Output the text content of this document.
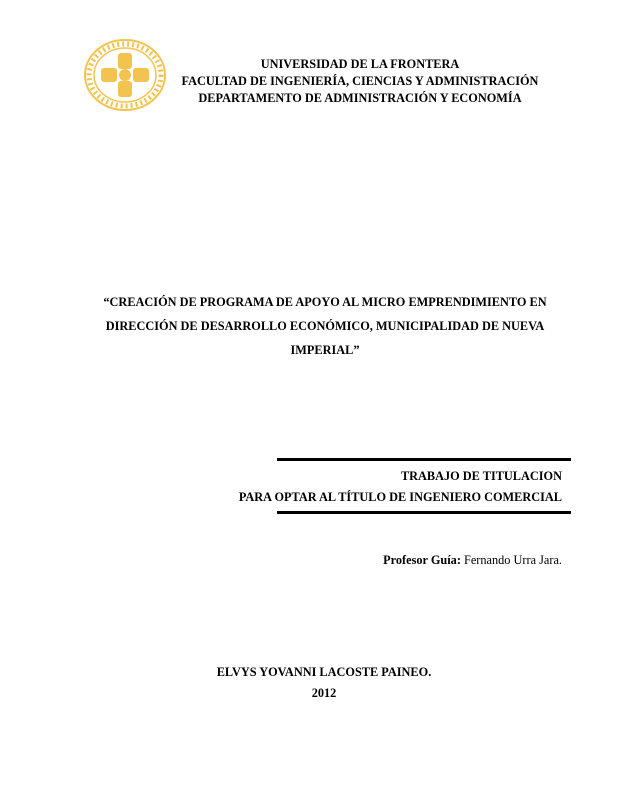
UNIVERSIDAD DE LA FRONTERA
FACULTAD DE INGENIERÍA, CIENCIAS Y ADMINISTRACIÓN
DEPARTAMENTO DE ADMINISTRACIÓN Y ECONOMÍA
“CREACIÓN DE PROGRAMA DE APOYO AL MICRO EMPRENDIMIENTO EN
DIRECCIÓN DE DESARROLLO ECONÓMICO, MUNICIPALIDAD DE NUEVA
IMPERIAL”
TRABAJO DE TITULACION
PARA OPTAR AL TÍTULO DE INGENIERO COMERCIAL
Profesor Guía: Fernando Urra Jara.
ELVYS YOVANNI LACOSTE PAINEO.
2012
